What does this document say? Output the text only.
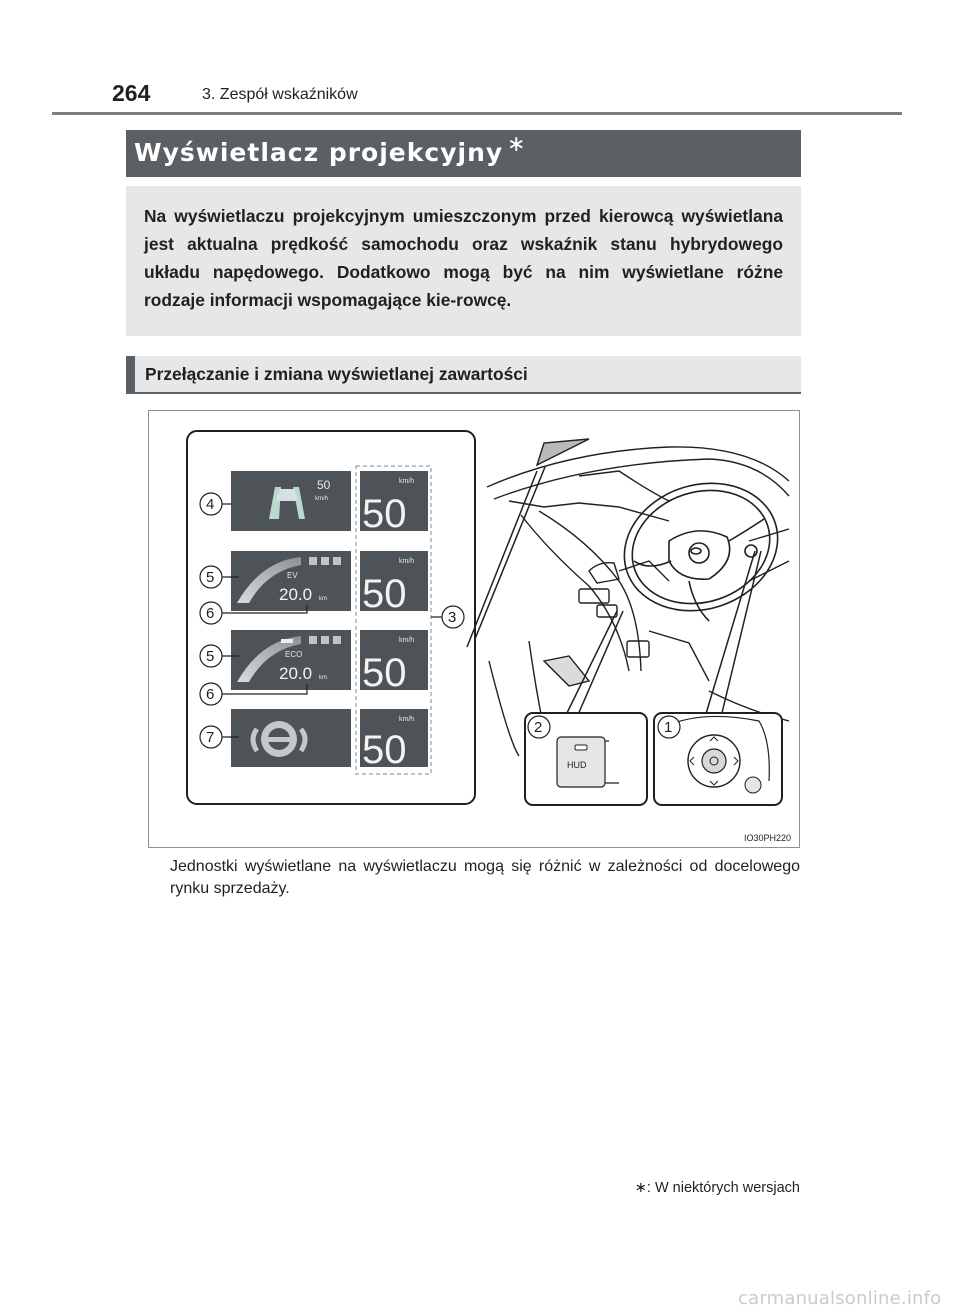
264	3. Zespół wskaźników
Wyświetlacz projekcyjny ∗

Na wyświetlaczu projekcyjnym umieszczonym przed kierowcą wyświetlana jest aktualna prędkość samochodu oraz wskaźnik stanu hybrydowego układu napędowego. Dodatkowo mogą być na nim wyświetlane różne rodzaje informacji wspomagające kie-rowcę.

Przełączanie i zmiana wyświetlanej zawartości
50
km/h
EV
20.0 km
ECO
20.0 km
km/h
50
km/h
50
km/h
50
km/h
50
4
5
6
5
6
7
3
HUD
2	1
IO30PH220

Jednostki wyświetlane na wyświetlaczu mogą się różnić w zależności od docelowego rynku sprzedaży.

∗: W niektórych wersjach
carmanualsonline.info
